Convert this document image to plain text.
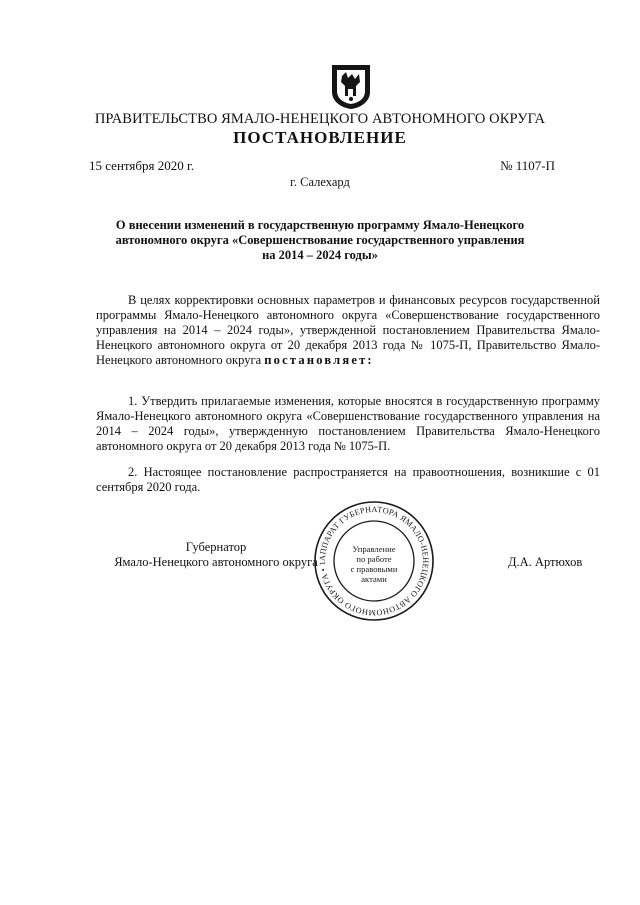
ПРАВИТЕЛЬСТВО ЯМАЛО-НЕНЕЦКОГО АВТОНОМНОГО ОКРУГА
ПОСТАНОВЛЕНИЕ
15 сентября 2020 г.	№ 1107-П
г. Салехард
О внесении изменений в государственную программу Ямало-Ненецкого автономного округа «Совершенствование государственного управления на 2014 – 2024 годы»
В целях корректировки основных параметров и финансовых ресурсов государственной программы Ямало-Ненецкого автономного округа «Совершенствование государственного управления на 2014 – 2024 годы», утвержденной постановлением Правительства Ямало-Ненецкого автономного округа от 20 декабря 2013 года № 1075-П, Правительство Ямало-Ненецкого автономного округа постановляет:
1. Утвердить прилагаемые изменения, которые вносятся в государственную программу Ямало-Ненецкого автономного округа «Совершенствование государственного управления на 2014 – 2024 годы», утвержденную постановлением Правительства Ямало-Ненецкого автономного округа от 20 декабря 2013 года № 1075-П.
2. Настоящее постановление распространяется на правоотношения, возникшие с 01 сентября 2020 года.
Губернатор
Ямало-Ненецкого автономного округа	Д.А. Артюхов
АППАРАТ ГУБЕРНАТОРА ЯМАЛО-НЕНЕЦКОГО АВТОНОМНОГО ОКРУГА • 1
Управление
по работе
с правовыми
актами
